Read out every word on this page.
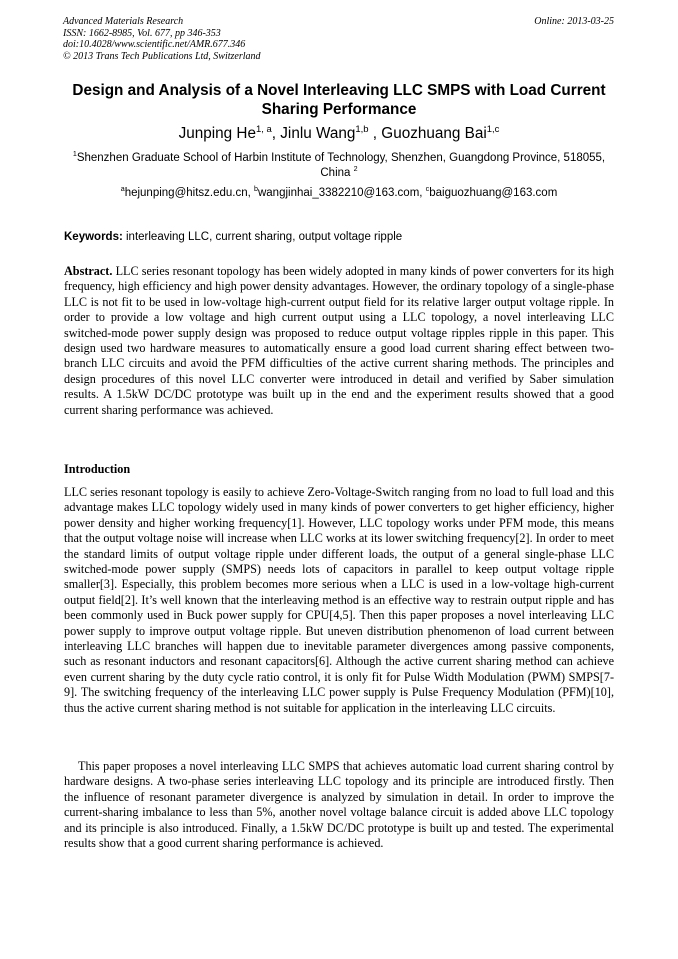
Advanced Materials Research
ISSN: 1662-8985, Vol. 677, pp 346-353
doi:10.4028/www.scientific.net/AMR.677.346
© 2013 Trans Tech Publications Ltd, Switzerland
Online: 2013-03-25
Design and Analysis of a Novel Interleaving LLC SMPS with Load Current Sharing Performance
Junping He$^{1, a}$, Jinlu Wang$^{1,b}$ , Guozhuang Bai$^{1,c}$
$^1$Shenzhen Graduate School of Harbin Institute of Technology, Shenzhen, Guangdong Province, 518055, China $^2$
$^a$hejunping@hitsz.edu.cn, $^b$wangjinhai_3382210@163.com, $^c$baiguozhuang@163.com
Keywords: interleaving LLC, current sharing, output voltage ripple

Abstract. LLC series resonant topology has been widely adopted in many kinds of power converters for its high frequency, high efficiency and high power density advantages. However, the ordinary topology of a single-phase LLC is not fit to be used in low-voltage high-current output field for its relative larger output voltage ripple. In order to provide a low voltage and high current output using a LLC topology, a novel interleaving LLC switched-mode power supply design was proposed to reduce output voltage ripples ripple in this paper. This design used two hardware measures to automatically ensure a good load current sharing effect between two-branch LLC circuits and avoid the PFM difficulties of the active current sharing methods. The principles and design procedures of this novel LLC converter were introduced in detail and verified by Saber simulation results. A 1.5kW DC/DC prototype was built up in the end and the experiment results showed that a good current sharing performance was achieved.

Introduction

LLC series resonant topology is easily to achieve Zero-Voltage-Switch ranging from no load to full load and this advantage makes LLC topology widely used in many kinds of power converters to get higher efficiency, higher power density and higher working frequency[1]. However, LLC topology works under PFM mode, this means that the output voltage noise will increase when LLC works at its lower switching frequency[2]. In order to meet the standard limits of output voltage ripple under different loads, the output of a general single-phase LLC switched-mode power supply (SMPS) needs lots of capacitors in parallel to keep output voltage ripple smaller[3]. Especially, this problem becomes more serious when a LLC is used in a low-voltage high-current output field[2]. It’s well known that the interleaving method is an effective way to restrain output ripple and has been commonly used in Buck power supply for CPU[4,5]. Then this paper proposes a novel interleaving LLC power supply to improve output voltage ripple. But uneven distribution phenomenon of load current between interleaving LLC branches will happen due to inevitable parameter divergences among passive components, such as resonant inductors and resonant capacitors[6]. Although the active current sharing method can achieve even current sharing by the duty cycle ratio control, it is only fit for Pulse Width Modulation (PWM) SMPS[7-9]. The switching frequency of the interleaving LLC power supply is Pulse Frequency Modulation (PFM)[10], thus the active current sharing method is not suitable for application in the interleaving LLC circuits.

This paper proposes a novel interleaving LLC SMPS that achieves automatic load current sharing control by hardware designs. A two-phase series interleaving LLC topology and its principle are introduced firstly. Then the influence of resonant parameter divergence is analyzed by simulation in detail. In order to improve the current-sharing imbalance to less than 5%, another novel voltage balance circuit is added above LLC topology and its principle is also introduced. Finally, a 1.5kW DC/DC prototype is built up and tested. The experimental results show that a good current sharing performance is achieved.
